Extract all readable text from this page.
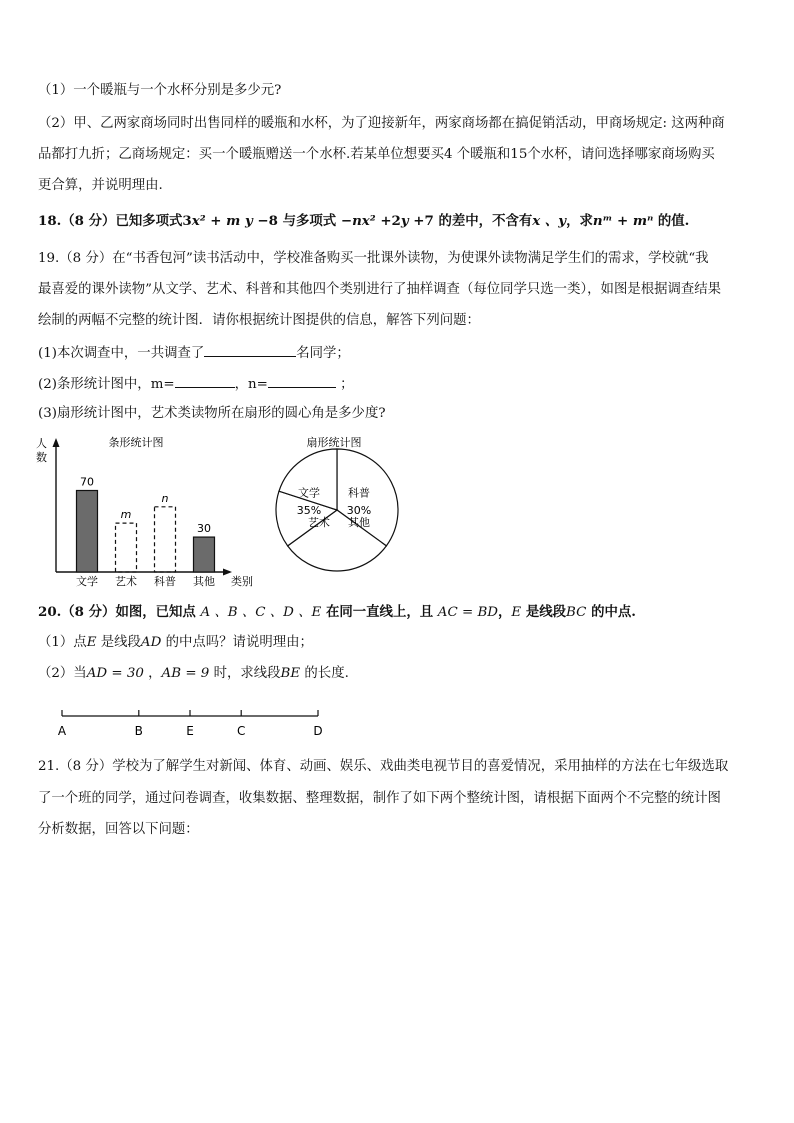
（1）一个暖瓶与一个水杯分别是多少元?
（2）甲、乙两家商场同时出售同样的暖瓶和水杯，为了迎接新年，两家商场都在搞促销活动，甲商场规定: 这两种商
品都打九折；乙商场规定：买一个暖瓶赠送一个水杯.若某单位想要买4 个暖瓶和15个水杯，请问选择哪家商场购买
更合算，并说明理由.
18.（8 分）已知多项式3x² + m y −8 与多项式 −nx² +2y +7 的差中，不含有x 、y，求nᵐ + mⁿ 的值.
19.（8 分）在“书香包河”读书活动中，学校准备购买一批课外读物，为使课外读物满足学生们的需求，学校就“我
最喜爱的课外读物”从文学、艺术、科普和其他四个类别进行了抽样调查（每位同学只选一类），如图是根据调查结果
绘制的两幅不完整的统计图．请你根据统计图提供的信息，解答下列问题：
(1)本次调查中，一共调查了	名同学；
(2)条形统计图中，m=	，n=	；
(3)扇形统计图中，艺术类读物所在扇形的圆心角是多少度?
条形统计图
人
数
70
文学
m
艺术
n
科普
30
其他 类别
扇形统计图
文学
35%
科普
30%
其他
艺术
20.（8 分）如图，已知点 A 、B 、C 、D 、E 在同一直线上，且 AC = BD，E 是线段BC 的中点.
（1）点E 是线段AD 的中点吗？请说明理由；
（2）当AD = 30 ，AB = 9 时，求线段BE 的长度.
A	B	E	C	D
21.（8 分）学校为了解学生对新闻、体育、动画、娱乐、戏曲类电视节目的喜爱情况，采用抽样的方法在七年级选取
了一个班的同学，通过问卷调查，收集数据、整理数据，制作了如下两个整统计图，请根据下面两个不完整的统计图
分析数据，回答以下问题：
